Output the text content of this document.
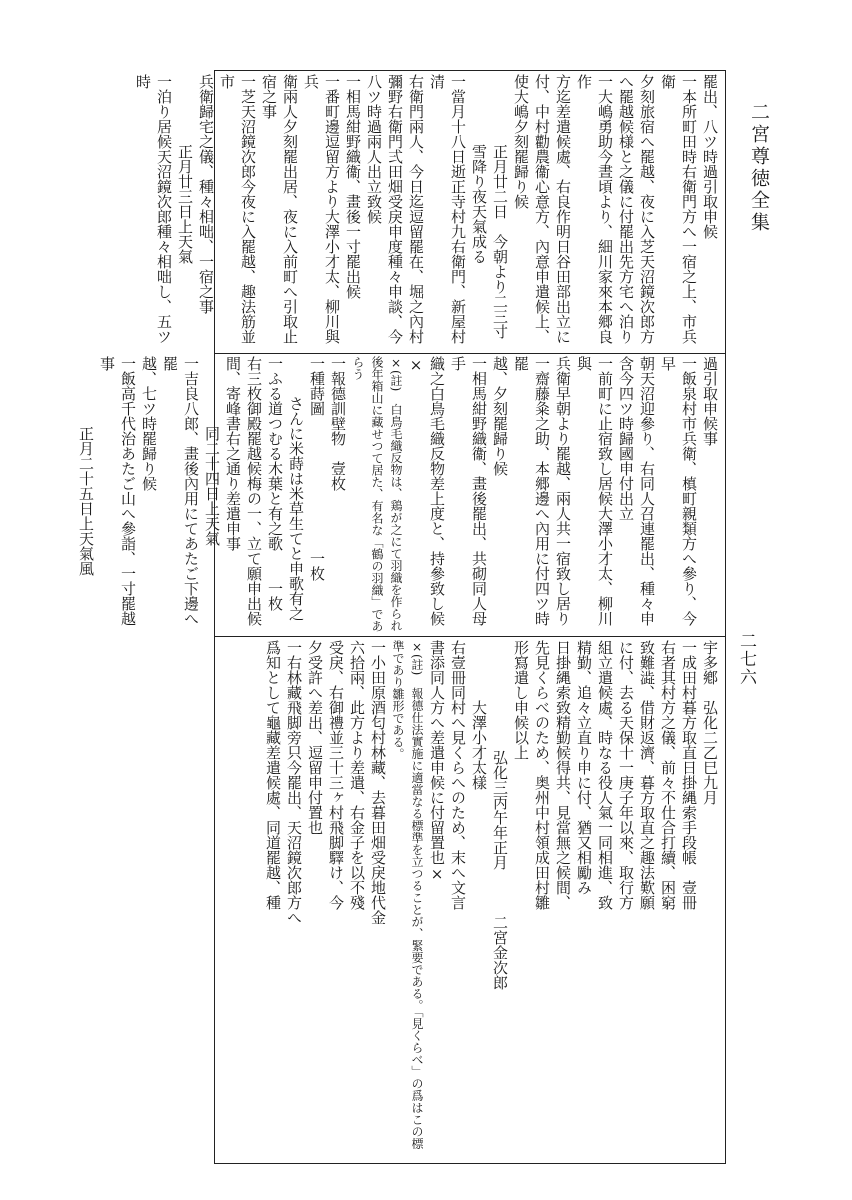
二宮尊徳全集
二七六

罷出、八ツ時過引取申候

一本所町田時右衛門方へ一宿之上、市兵衛

夕刻旅宿へ罷越、夜に入芝天沼鏡次郎方

へ罷越候様と之儀に付罷出先方宅へ泊り

一大嶋勇助今晝頃より、細川家來本郷良作

方迄差遣候處、右良作明日谷田部出立に

付、中村勸農衞心意方、內意申遣候上、

使大嶋夕刻罷歸り候

正月廿二日　今朝より二三寸雪降り夜天氣成る

一當月十八日逝正寺村九右衛門、新屋村清

右衛門兩人、今日迄逗留罷在、堀之內村

彌野右衛門弍田畑受戾申度種々申談、今

八ツ時過兩人出立致候

一相馬紺野織衞、畫後一寸罷出候

一番町邊逗留方より大澤小才太、柳川與兵

衛兩人夕刻罷出居、夜に入前町へ引取止

宿之事

一芝天沼鏡次郎今夜に入罷越、趣法筋並市

兵衛歸宅之儀、種々相咄、一宿之事

正月廿三日上天氣

一泊り居候天沼鏡次郎種々相咄し、五ツ時

過引取申候事

一飯泉村市兵衛、槙町親類方へ參り、今早

朝天沼迎參り、右同人召連罷出、種々申

含今四ツ時歸國申付出立

一前町に止宿致し居候大澤小才太、柳川與

兵衛早朝より罷越、兩人共一宿致し居り

一齋藤粂之助、本郷邊へ內用に付四ツ時罷

越、夕刻罷歸り候

一相馬紺野織衞、畫後罷出、共砌同人母手

織之白鳥毛織反物差上度と、持參致し候×

×(註)　白鳥毛織反物は、鶏が之にて羽織を作られ後年箱山に藏せつて居た、有名な「鶴の羽織」であらう

一報德訓壁物　壹枚

一種蒔圖　　　　　　　　　一枚

さんに米蒔は米草生てと申歌有之

一ふる道つむる木葉と有之歌　　一枚

右三枚御殿罷越候梅の一、立て願申出候

間、寄峰書右之通り差遣申事

同二十四日上天氣

一吉良八郎、畫後內用にてあたご下邊へ罷

越、七ツ時罷歸り候

一飯高千代治あたご山へ參詣、一寸罷越事

正月二十五日上天氣風

宇多鄕　弘化二乙巳九月

一成田村暮方取直日掛縄索手段帳　壹冊

右者其村方之儀、前々不仕合打續、困窮

致難澁、借財返濟、暮方取直之趣法歎願

に付、去る天保十一庚子年以來、取行方

組立遣候處、時なる役人氣一同相進、致

精勤、追々立直り申に付、猶又相勵み

日掛縄索致精勤候得共、見當無之候間、

先見くらべのため、奥州中村領成田村雛

形寫遣し申候以上

弘化三丙午年正月　　　二宮金次郎

大澤小才太樣

右壹冊同村へ見くらへのため、末へ文言

書添同人方へ差遣申候に付留置也×

×(註)　報德仕法實施に適當なる標準を立つることが、緊要である。「見くらべ」の爲はこの標準であり雛形である。

一小田原酒匂村林藏、去暮田畑受戾地代金

六拾兩、此方より差遣、右金子を以不殘

受戾、右御禮並三十三ヶ村飛脚驛け、今

夕受許へ差出、逗留申付置也

一右林藏飛脚旁只今罷出、天沼鏡次郎方へ

爲知として龜藏差遣候處、同道罷越、種
